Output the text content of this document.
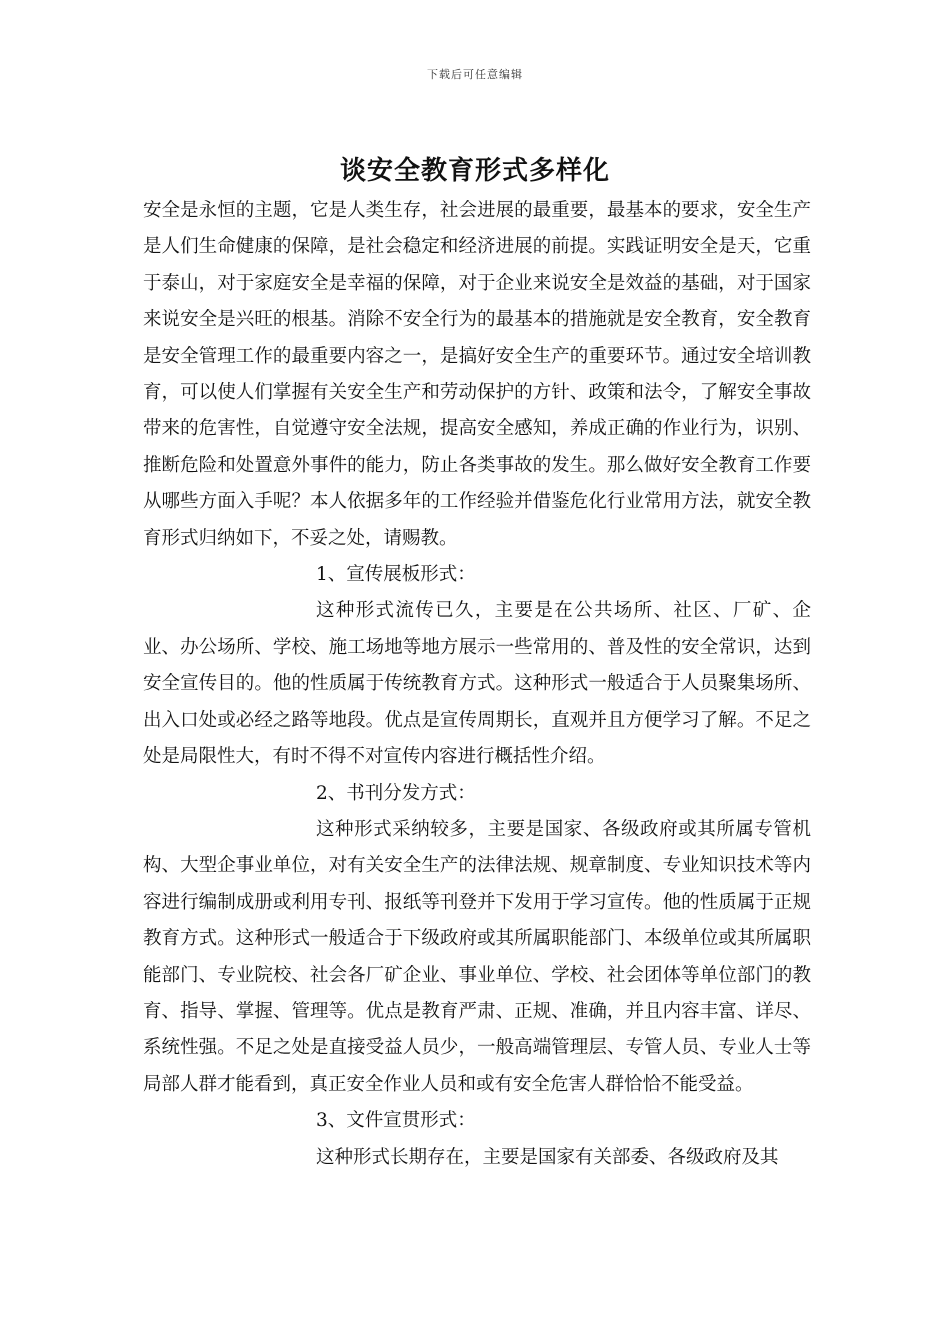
下载后可任意编辑
谈安全教育形式多样化

安全是永恒的主题，它是人类生存，社会进展的最重要，最基本的要求，安全生产是人们生命健康的保障，是社会稳定和经济进展的前提。实践证明安全是天，它重于泰山，对于家庭安全是幸福的保障，对于企业来说安全是效益的基础，对于国家来说安全是兴旺的根基。消除不安全行为的最基本的措施就是安全教育，安全教育是安全管理工作的最重要内容之一，是搞好安全生产的重要环节。通过安全培训教育，可以使人们掌握有关安全生产和劳动保护的方针、政策和法令，了解安全事故带来的危害性，自觉遵守安全法规，提高安全感知，养成正确的作业行为，识别、推断危险和处置意外事件的能力，防止各类事故的发生。那么做好安全教育工作要从哪些方面入手呢？本人依据多年的工作经验并借鉴危化行业常用方法，就安全教育形式归纳如下，不妥之处，请赐教。

1、宣传展板形式：

这种形式流传已久，主要是在公共场所、社区、厂矿、企业、办公场所、学校、施工场地等地方展示一些常用的、普及性的安全常识，达到安全宣传目的。他的性质属于传统教育方式。这种形式一般适合于人员聚集场所、出入口处或必经之路等地段。优点是宣传周期长，直观并且方便学习了解。不足之处是局限性大，有时不得不对宣传内容进行概括性介绍。

2、书刊分发方式：

这种形式采纳较多，主要是国家、各级政府或其所属专管机构、大型企事业单位，对有关安全生产的法律法规、规章制度、专业知识技术等内容进行编制成册或利用专刊、报纸等刊登并下发用于学习宣传。他的性质属于正规教育方式。这种形式一般适合于下级政府或其所属职能部门、本级单位或其所属职能部门、专业院校、社会各厂矿企业、事业单位、学校、社会团体等单位部门的教育、指导、掌握、管理等。优点是教育严肃、正规、准确，并且内容丰富、详尽、系统性强。不足之处是直接受益人员少，一般高端管理层、专管人员、专业人士等局部人群才能看到，真正安全作业人员和或有安全危害人群恰恰不能受益。

3、文件宣贯形式：

这种形式长期存在，主要是国家有关部委、各级政府及其
